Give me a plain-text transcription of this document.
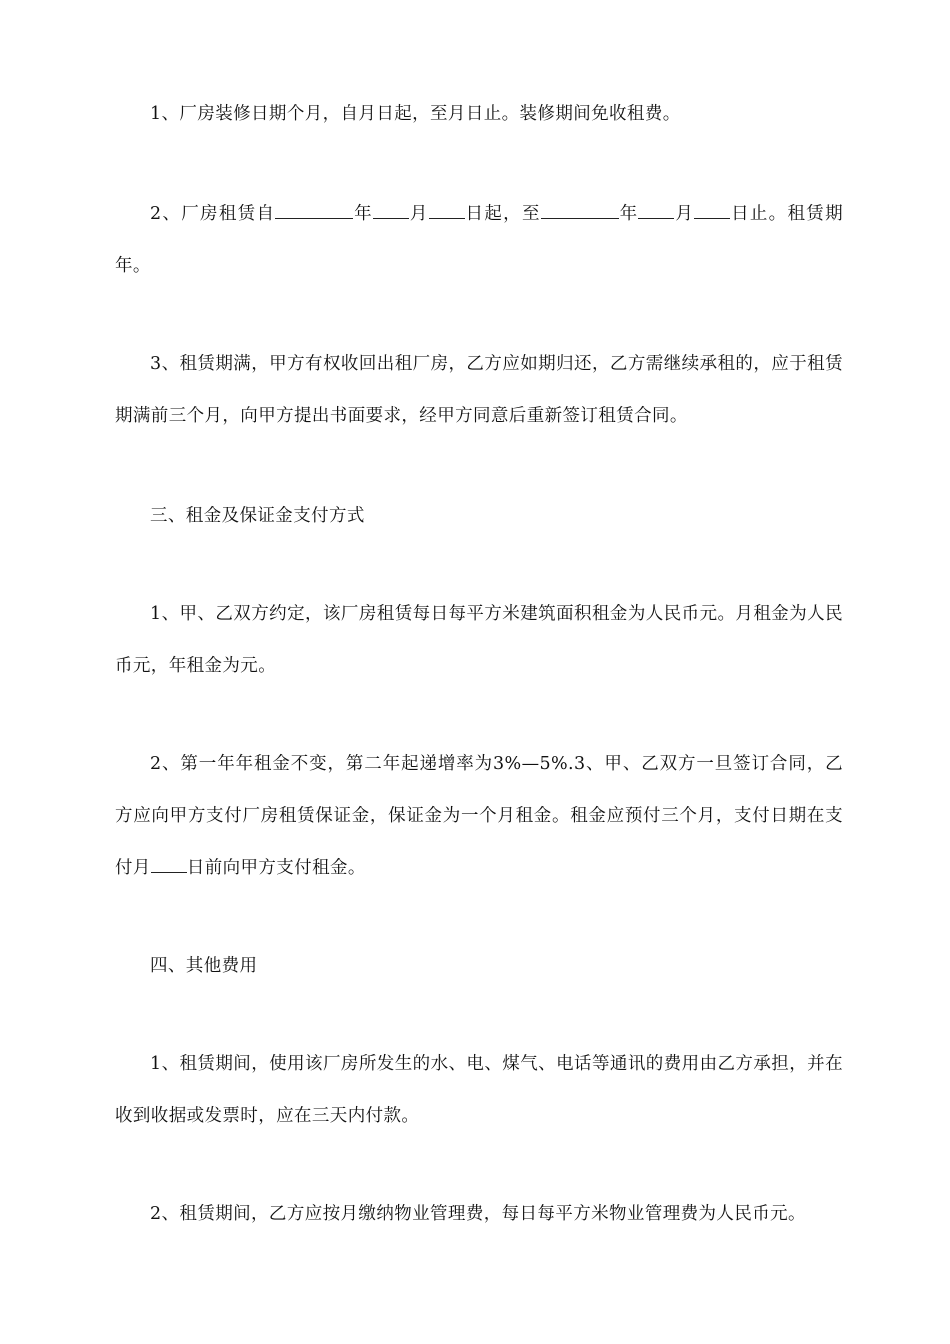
1、厂房装修日期个月，自月日起，至月日止。装修期间免收租费。
2、厂房租赁自	年 月 日起，至	年 月 日止。租赁期年。
3、租赁期满，甲方有权收回出租厂房，乙方应如期归还，乙方需继续承租的，应于租赁期满前三个月，向甲方提出书面要求，经甲方同意后重新签订租赁合同。
三、租金及保证金支付方式
1、甲、乙双方约定，该厂房租赁每日每平方米建筑面积租金为人民币元。月租金为人民币元，年租金为元。
2、第一年年租金不变，第二年起递增率为3%—5%.3、甲、乙双方一旦签订合同，乙方应向甲方支付厂房租赁保证金，保证金为一个月租金。租金应预付三个月，支付日期在支付月 日前向甲方支付租金。
四、其他费用
1、租赁期间，使用该厂房所发生的水、电、煤气、电话等通讯的费用由乙方承担，并在收到收据或发票时，应在三天内付款。
2、租赁期间，乙方应按月缴纳物业管理费，每日每平方米物业管理费为人民币元。
